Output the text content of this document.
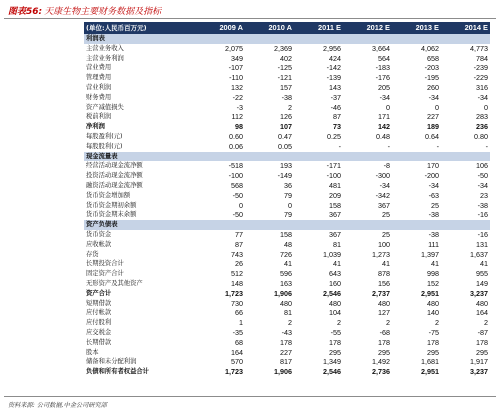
图表56: 天康生物主要财务数据及指标
(单位:人民币百万元)	2009 A	2010 A	2011 E	2012 E	2013 E	2014 E
利润表						
主营业务收入	2,075	2,369	2,956	3,664	4,062	4,773
主营业务利润	349	402	424	564	658	784
营业费用	-107	-125	-142	-183	-203	-239
管理费用	-110	-121	-139	-176	-195	-229
营业利润	132	157	143	205	260	316
财务费用	-22	-38	-37	-34	-34	-34
资产减值损失	-3	2	-46	0	0	0
税前利润	112	126	87	171	227	283
净利润	98	107	73	142	189	236
每股盈利(元)	0.60	0.47	0.25	0.48	0.64	0.80
每股股利(元)	0.06	0.05	-	-	-	-
现金流量表						
经营活动现金流净额	-518	193	-171	-8	170	106
投资活动现金流净额	-100	-149	-100	-300	-200	-50
融资活动现金流净额	568	36	481	-34	-34	-34
货币资金增加额	-50	79	209	-342	-63	23
货币资金期初余额	0	0	158	367	25	-38
货币资金期末余额	-50	79	367	25	-38	-16
资产负债表						
货币资金	77	158	367	25	-38	-16
应收帐款	87	48	81	100	111	131
存货	743	726	1,039	1,273	1,397	1,637
长期投资合计	26	41	41	41	41	41
固定资产合计	512	596	643	878	998	955
无形资产及其他资产	148	163	160	156	152	149
资产合计	1,723	1,906	2,546	2,737	2,951	3,237
短期借款	730	480	480	480	480	480
应付帐款	66	81	104	127	140	164
应付股利	1	2	2	2	2	2
应交税金	-35	-43	-55	-68	-75	-87
长期借款	68	178	178	178	178	178
股本	164	227	295	295	295	295
储备和未分配利润	570	817	1,349	1,492	1,681	1,917
负债和所有者权益合计	1,723	1,906	2,546	2,736	2,951	3,237
资料来源: 公司数据,中金公司研究部
